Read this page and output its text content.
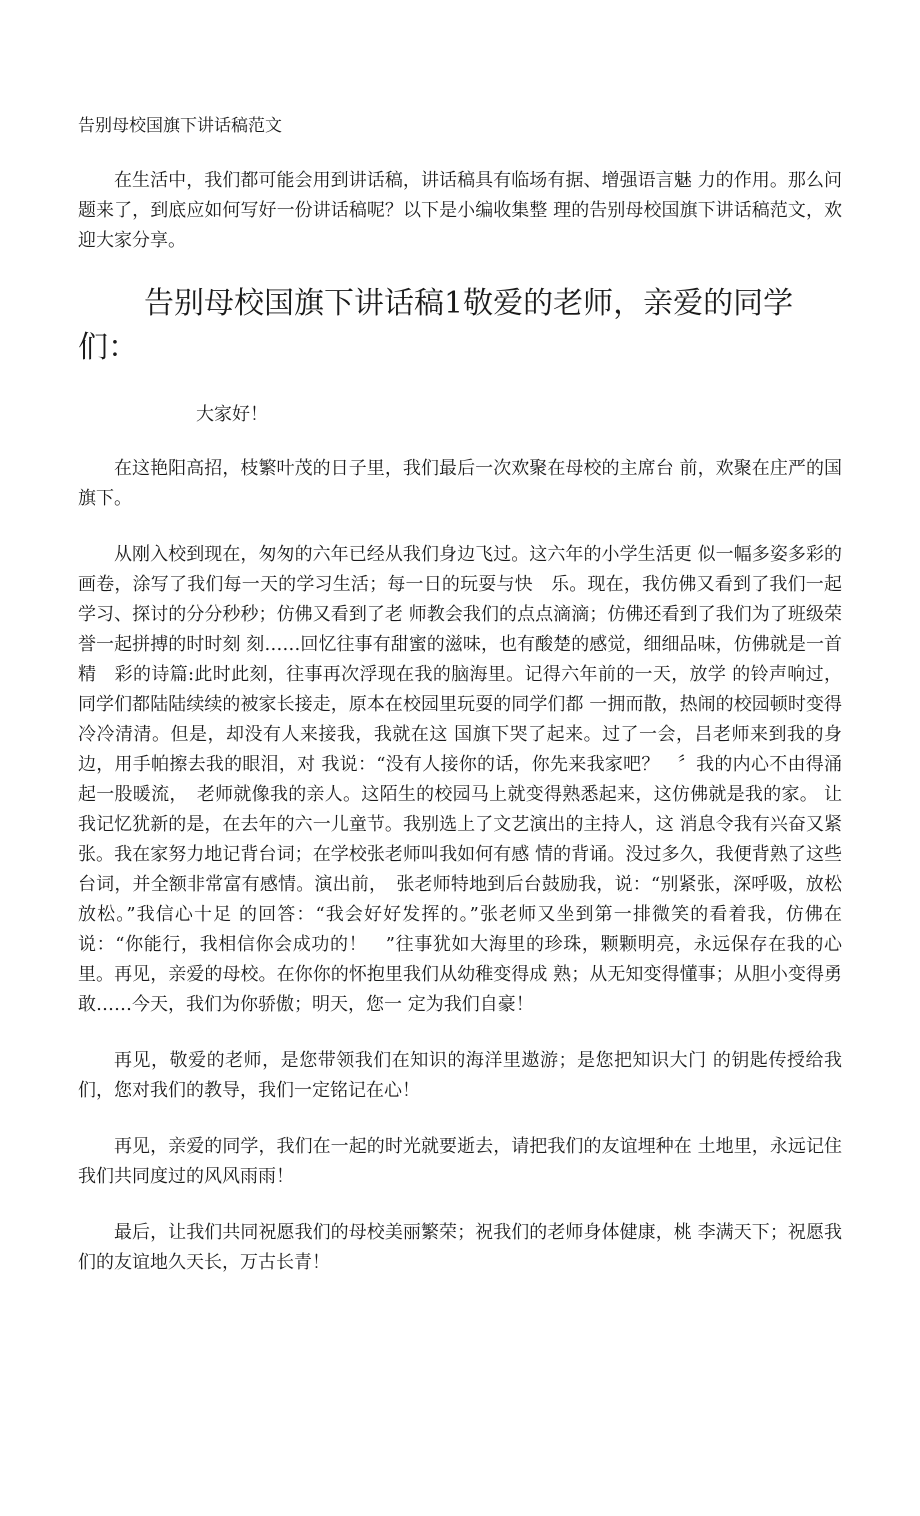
告别母校国旗下讲话稿范文

在生活中，我们都可能会用到讲话稿，讲话稿具有临场有据、增强语言魅 力的作用。那么问题来了，到底应如何写好一份讲话稿呢？以下是小编收集整 理的告别母校国旗下讲话稿范文，欢迎大家分享。

告别母校国旗下讲话稿1敬爱的老师，亲爱的同学们：

大家好！

在这艳阳高招，枝繁叶茂的日子里，我们最后一次欢聚在母校的主席台 前，欢聚在庄严的国旗下。

从刚入校到现在，匆匆的六年已经从我们身边飞过。这六年的小学生活更 似一幅多姿多彩的画卷，涂写了我们每一天的学习生活；每一日的玩耍与快　乐。现在，我仿佛又看到了我们一起学习、探讨的分分秒秒；仿佛又看到了老 师教会我们的点点滴滴；仿佛还看到了我们为了班级荣誉一起拼搏的时时刻 刻……回忆往事有甜蜜的滋味，也有酸楚的感觉，细细品味，仿佛就是一首精　彩的诗篇:此时此刻，往事再次浮现在我的脑海里。记得六年前的一天，放学 的铃声响过，同学们都陆陆续续的被家长接走，原本在校园里玩耍的同学们都 一拥而散，热闹的校园顿时变得冷冷清清。但是，却没有人来接我，我就在这 国旗下哭了起来。过了一会，吕老师来到我的身边，用手帕擦去我的眼泪，对 我说：“没有人接你的话，你先来我家吧？　〞我的内心不由得涌起一股暖流，　老师就像我的亲人。这陌生的校园马上就变得熟悉起来，这仿佛就是我的家。 让我记忆犹新的是，在去年的六一儿童节。我别选上了文艺演出的主持人，这 消息令我有兴奋又紧张。我在家努力地记背台词；在学校张老师叫我如何有感 情的背诵。没过多久，我便背熟了这些台词，并全额非常富有感情。演出前，　张老师特地到后台鼓励我，说：“别紧张，深呼吸，放松放松。”我信心十足 的回答：“我会好好发挥的。”张老师又坐到第一排微笑的看着我，仿佛在 说：“你能行，我相信你会成功的！　”往事犹如大海里的珍珠，颗颗明亮，永远保存在我的心里。再见，亲爱的母校。在你你的怀抱里我们从幼稚变得成 熟；从无知变得懂事；从胆小变得勇敢……今天，我们为你骄傲；明天，您一 定为我们自豪！

再见，敬爱的老师，是您带领我们在知识的海洋里遨游；是您把知识大门 的钥匙传授给我们，您对我们的教导，我们一定铭记在心！

再见，亲爱的同学，我们在一起的时光就要逝去，请把我们的友谊埋种在 土地里，永远记住我们共同度过的风风雨雨！

最后，让我们共同祝愿我们的母校美丽繁荣；祝我们的老师身体健康，桃 李满天下；祝愿我们的友谊地久天长，万古长青！
